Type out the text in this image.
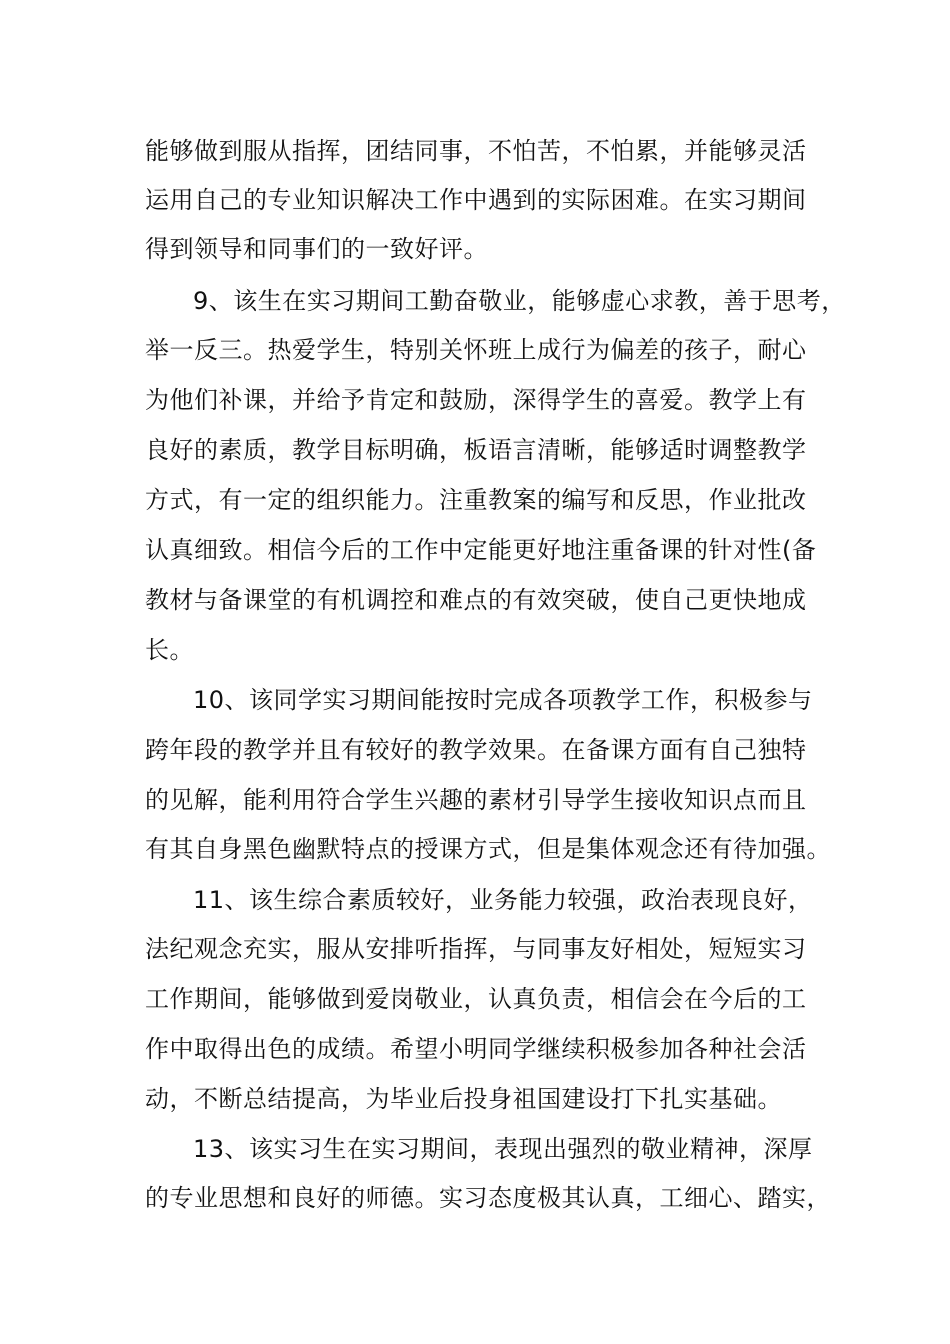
能够做到服从指挥，团结同事，不怕苦，不怕累，并能够灵活
运用自己的专业知识解决工作中遇到的实际困难。在实习期间
得到领导和同事们的一致好评。
9、该生在实习期间工勤奋敬业，能够虚心求教，善于思考，
举一反三。热爱学生，特别关怀班上成行为偏差的孩子，耐心
为他们补课，并给予肯定和鼓励，深得学生的喜爱。教学上有
良好的素质，教学目标明确，板语言清晰，能够适时调整教学
方式，有一定的组织能力。注重教案的编写和反思，作业批改
认真细致。相信今后的工作中定能更好地注重备课的针对性(备
教材与备课堂的有机调控和难点的有效突破，使自己更快地成
长。
10、该同学实习期间能按时完成各项教学工作，积极参与
跨年段的教学并且有较好的教学效果。在备课方面有自己独特
的见解，能利用符合学生兴趣的素材引导学生接收知识点而且
有其自身黑色幽默特点的授课方式，但是集体观念还有待加强。
11、该生综合素质较好，业务能力较强，政治表现良好，
法纪观念充实，服从安排听指挥，与同事友好相处，短短实习
工作期间，能够做到爱岗敬业，认真负责，相信会在今后的工
作中取得出色的成绩。希望小明同学继续积极参加各种社会活
动，不断总结提高，为毕业后投身祖国建设打下扎实基础。
13、该实习生在实习期间，表现出强烈的敬业精神，深厚
的专业思想和良好的师德。实习态度极其认真，工细心、踏实，
